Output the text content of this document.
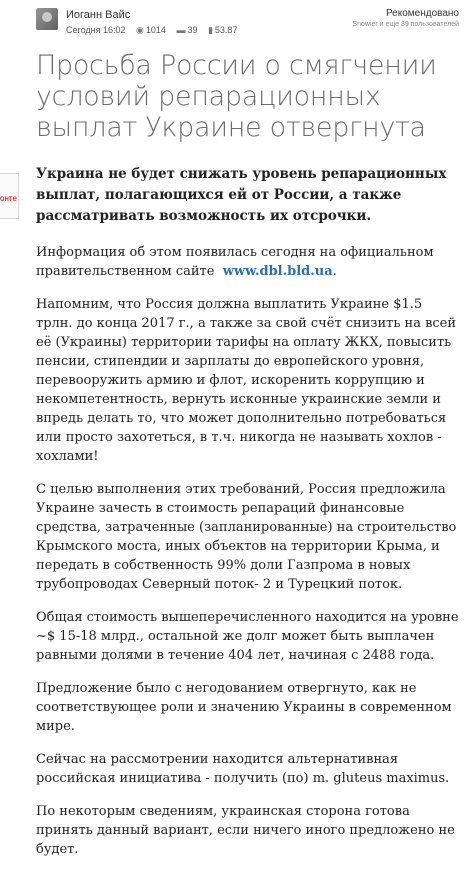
Иоганн Вайс
Сегодня 16:02 ◉ 1014 ▬ 39 ▮ 53.87
Рекомендовано
Snowier и еще 39 пользователей
Просьба России о смягчении условий репарационных выплат Украине отвергнута
онте

Украина не будет снижать уровень репарационных выплат, полагающихся ей от России, а также рассматривать возможность их отсрочки.

Информация об этом появилась сегодня на официальном правительственном сайте www.dbl.bld.ua.

Напомним, что Россия должна выплатить Украине $1.5 трлн. до конца 2017 г., а также за свой счёт снизить на всей её (Украины) территории тарифы на оплату ЖКХ, повысить пенсии, стипендии и зарплаты до европейского уровня, перевооружить армию и флот, искоренить коррупцию и некомпетентность, вернуть исконные украинские земли и впредь делать то, что может дополнительно потребоваться или просто захотеться, в т.ч. никогда не называть хохлов - хохлами!

С целью выполнения этих требований, Россия предложила Украине зачесть в стоимость репараций финансовые средства, затраченные (запланированные) на строительство Крымского моста, иных объектов на территории Крыма, и передать в собственность 99% доли Газпрома в новых трубопроводах Северный поток- 2 и Турецкий поток.

Общая стоимость вышеперечисленного находится на уровне ~$ 15-18 млрд., остальной же долг может быть выплачен равными долями в течение 404 лет, начиная с 2488 года.

Предложение было с негодованием отвергнуто, как не соответствующее роли и значению Украины в современном мире.

Сейчас на рассмотрении находится альтернативная российская инициатива - получить (по) m. gluteus maximus.

По некоторым сведениям, украинская сторона готова принять данный вариант, если ничего иного предложено не будет.
